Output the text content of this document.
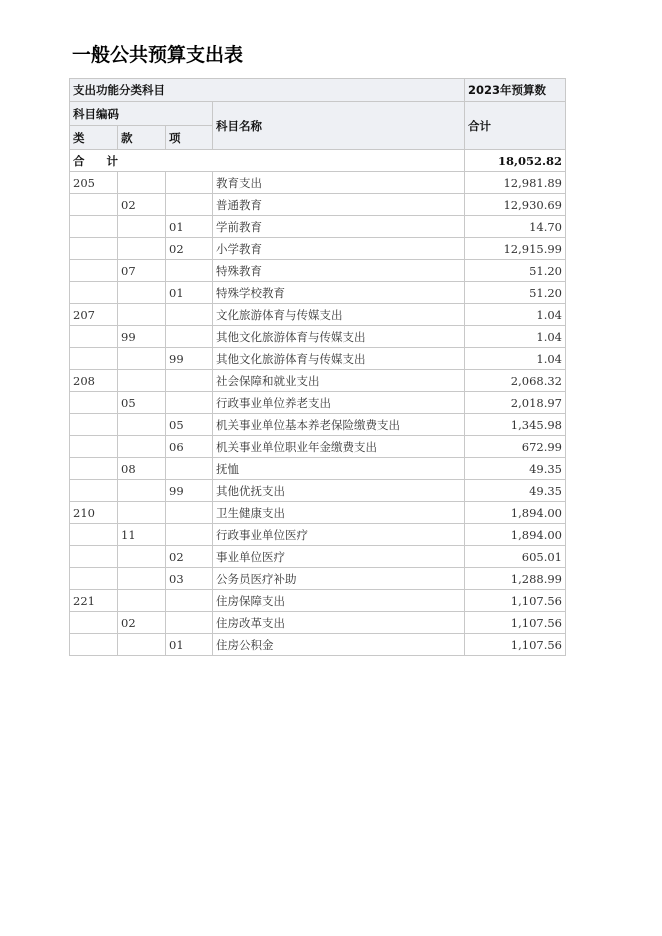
一般公共预算支出表
支出功能分类科目				2023年预算数
科目编码			科目名称	合计
类	款	项		
合 计				18,052.82
205			教育支出	12,981.89
	02		普通教育	12,930.69
		01	学前教育	14.70
		02	小学教育	12,915.99
	07		特殊教育	51.20
		01	特殊学校教育	51.20
207			文化旅游体育与传媒支出	1.04
	99		其他文化旅游体育与传媒支出	1.04
		99	其他文化旅游体育与传媒支出	1.04
208			社会保障和就业支出	2,068.32
	05		行政事业单位养老支出	2,018.97
		05	机关事业单位基本养老保险缴费支出	1,345.98
		06	机关事业单位职业年金缴费支出	672.99
	08		抚恤	49.35
		99	其他优抚支出	49.35
210			卫生健康支出	1,894.00
	11		行政事业单位医疗	1,894.00
		02	事业单位医疗	605.01
		03	公务员医疗补助	1,288.99
221			住房保障支出	1,107.56
	02		住房改革支出	1,107.56
		01	住房公积金	1,107.56
